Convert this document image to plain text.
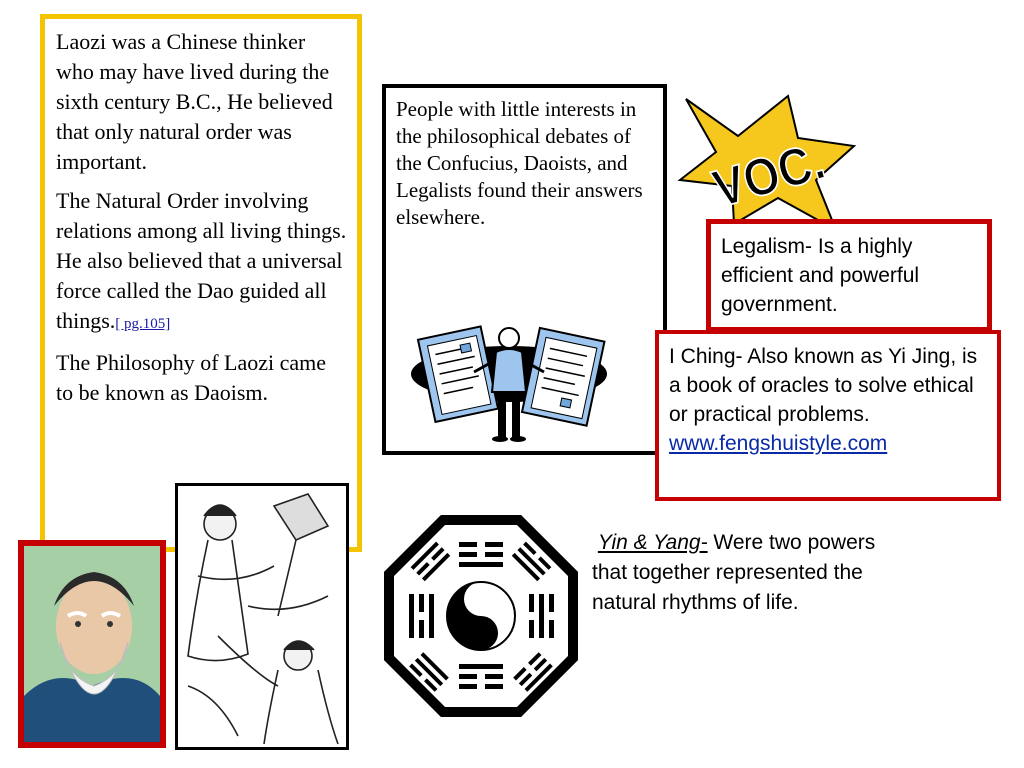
Laozi was a Chinese thinker who may have lived during the sixth century B.C., He believed that only natural order was important.

The Natural Order involving relations among all living things. He also believed that a universal force called the Dao guided all things.[ pg.105]

The Philosophy of Laozi came to be known as Daoism.

People with little interests in the philosophical debates of the Confucius, Daoists, and Legalists found their answers elsewhere.	VOC.
Legalism- Is a highly efficient and powerful government.
I Ching- Also known as Yi Jing, is a book of oracles to solve ethical or practical problems.
www.fengshuistyle.com
Yin & Yang- Were two powers that together represented the natural rhythms of life.
